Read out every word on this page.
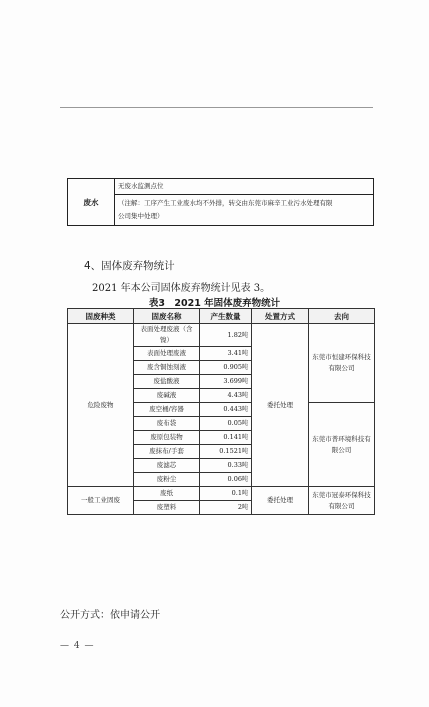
废水	无废水监测点位
（注解：工序产生工业废水均不外排，转交由东莞市麻辛工业污水处理有限
公司集中处理）
4、固体废弃物统计
2021 年本公司固体废弃物统计见表 3。
表3　2021 年固体废弃物统计
固废种类	固废名称	产生数量	处置方式	去向
危险废物	表面处理废液（含镍）	1.82吨	委托处理	东莞市恒建环保科技有限公司
	表面处理废液	3.41吨		
	废含铜蚀刻液	0.905吨		
	废盐酸液	3.699吨		
	废碱液	4.43吨		
	废空桶/容器	0.443吨		东莞市普环境科技有限公司
	废布袋	0.05吨		
	废原包装物	0.141吨		
	废抹布/手套	0.1521吨		
	废滤芯	0.33吨		
	废粉尘	0.06吨		
一般工业固废	废纸	0.1吨	委托处理	东莞市冠泰环保科技有限公司
	废塑料	2吨		
公开方式：依申请公开
— 4 —
